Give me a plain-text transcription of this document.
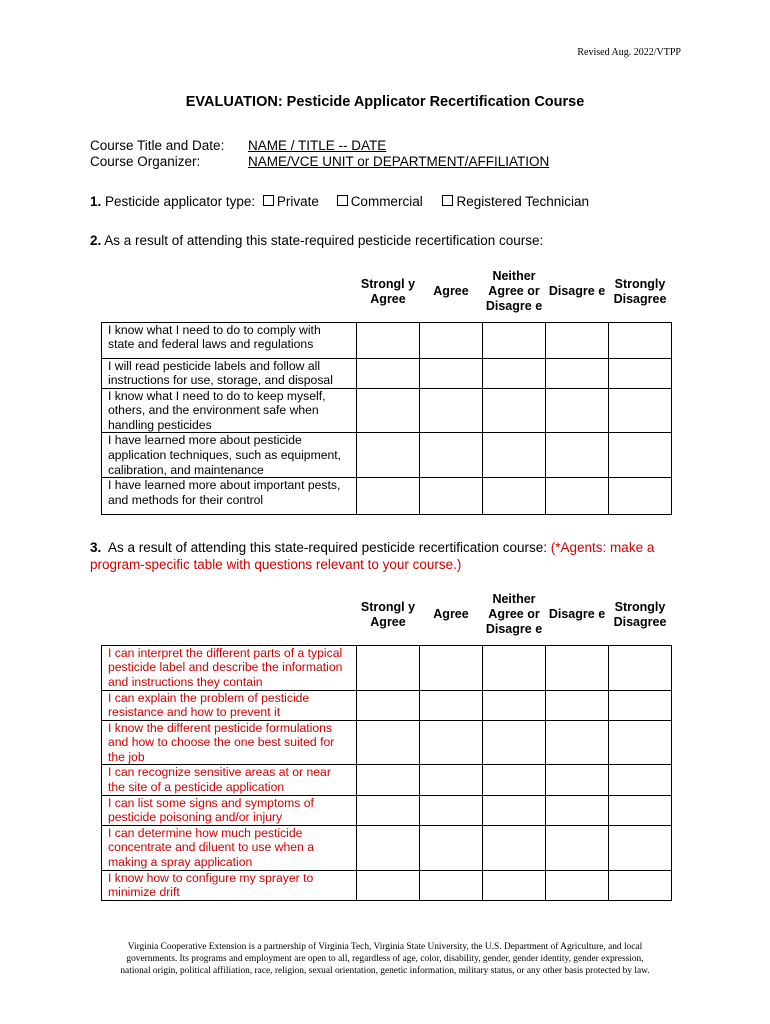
Revised Aug. 2022/VTPP
EVALUATION: Pesticide Applicator Recertification Course
Course Title and Date: NAME / TITLE -- DATE
Course Organizer:	NAME/VCE UNIT or DEPARTMENT/AFFILIATION
1. Pesticide applicator type: Private Commercial	Registered Technician
2. As a result of attending this state-required pesticide recertification course:
	Strongl y Agree	Agree	Neither Agree or Disagre e	Disagre e	Strongly Disagree
I know what I need to do to comply with state and federal laws and regulations					
I will read pesticide labels and follow all instructions for use, storage, and disposal					
I know what I need to do to keep myself, others, and the environment safe when handling pesticides					
I have learned more about pesticide application techniques, such as equipment, calibration, and maintenance					
I have learned more about important pests, and methods for their control					
3. As a result of attending this state-required pesticide recertification course: (*Agents: make a program-specific table with questions relevant to your course.)
	Strongl y Agree	Agree	Neither Agree or Disagre e	Disagre e	Strongly Disagree
I can interpret the different parts of a typical pesticide label and describe the information and instructions they contain					
I can explain the problem of pesticide resistance and how to prevent it					
I know the different pesticide formulations and how to choose the one best suited for the job					
I can recognize sensitive areas at or near the site of a pesticide application					
I can list some signs and symptoms of pesticide poisoning and/or injury					
I can determine how much pesticide concentrate and diluent to use when a making a spray application					
I know how to configure my sprayer to minimize drift					
Virginia Cooperative Extension is a partnership of Virginia Tech, Virginia State University, the U.S. Department of Agriculture, and local
governments. Its programs and employment are open to all, regardless of age, color, disability, gender, gender identity, gender expression,
national origin, political affiliation, race, religion, sexual orientation, genetic information, military status, or any other basis protected by law.
